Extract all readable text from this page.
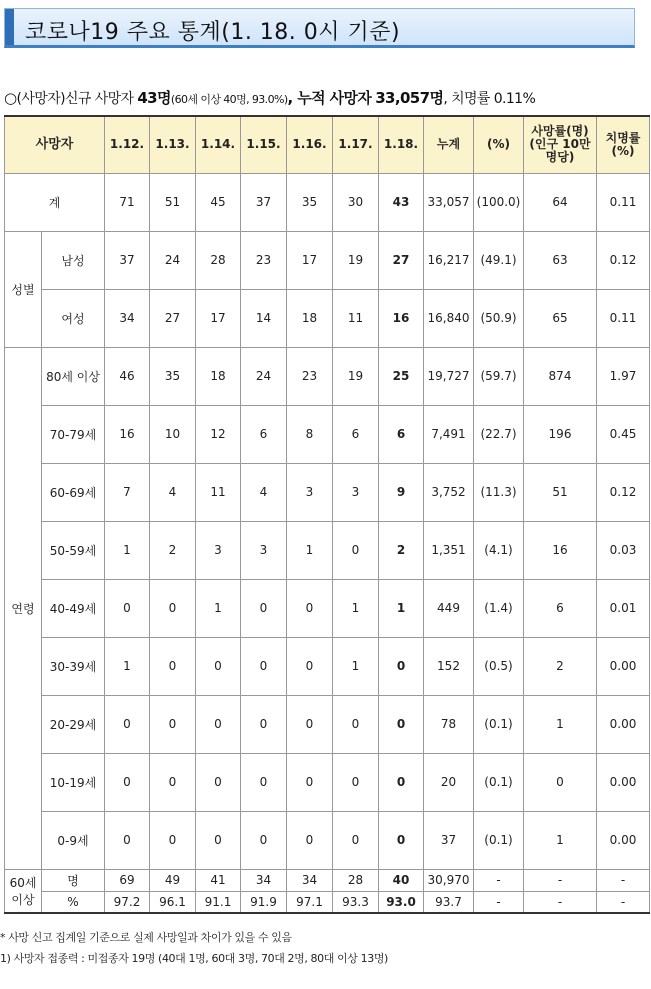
코로나19 주요 통계(1. 18. 0시 기준)
○(사망자)신규 사망자 43명(60세 이상 40명, 93.0%), 누적 사망자 33,057명, 치명률 0.11%
사망자		1.12.	1.13.	1.14.	1.15.	1.16.	1.17.	1.18.	누계	(%)	사망률(명) (인구 10만명당)	치명률 (%)
계		71	51	45	37	35	30	43	33,057	(100.0)	64	0.11
성별	남성	37	24	28	23	17	19	27	16,217	(49.1)	63	0.12
	여성	34	27	17	14	18	11	16	16,840	(50.9)	65	0.11
연령	80세 이상	46	35	18	24	23	19	25	19,727	(59.7)	874	1.97
	70-79세	16	10	12	6	8	6	6	7,491	(22.7)	196	0.45
	60-69세	7	4	11	4	3	3	9	3,752	(11.3)	51	0.12
	50-59세	1	2	3	3	1	0	2	1,351	(4.1)	16	0.03
	40-49세	0	0	1	0	0	1	1	449	(1.4)	6	0.01
	30-39세	1	0	0	0	0	1	0	152	(0.5)	2	0.00
	20-29세	0	0	0	0	0	0	0	78	(0.1)	1	0.00
	10-19세	0	0	0	0	0	0	0	20	(0.1)	0	0.00
	0-9세	0	0	0	0	0	0	0	37	(0.1)	1	0.00
60세 이상	명	69	49	41	34	34	28	40	30,970	-	-	-
	%	97.2	96.1	91.1	91.9	97.1	93.3	93.0	93.7	-	-	-
* 사망 신고 집계일 기준으로 실제 사망일과 차이가 있을 수 있음
1) 사망자 접종력 : 미접종자 19명 (40대 1명, 60대 3명, 70대 2명, 80대 이상 13명)
